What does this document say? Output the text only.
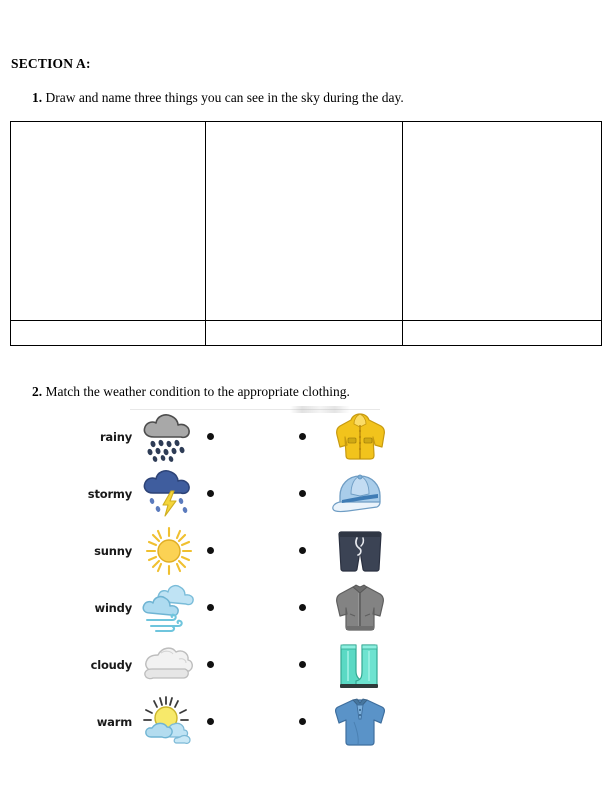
SECTION A:
1. Draw and name three things you can see in the sky during the day.

2. Match the weather condition to the appropriate clothing.
rainy
stormy
sunny
windy
cloudy
warm
